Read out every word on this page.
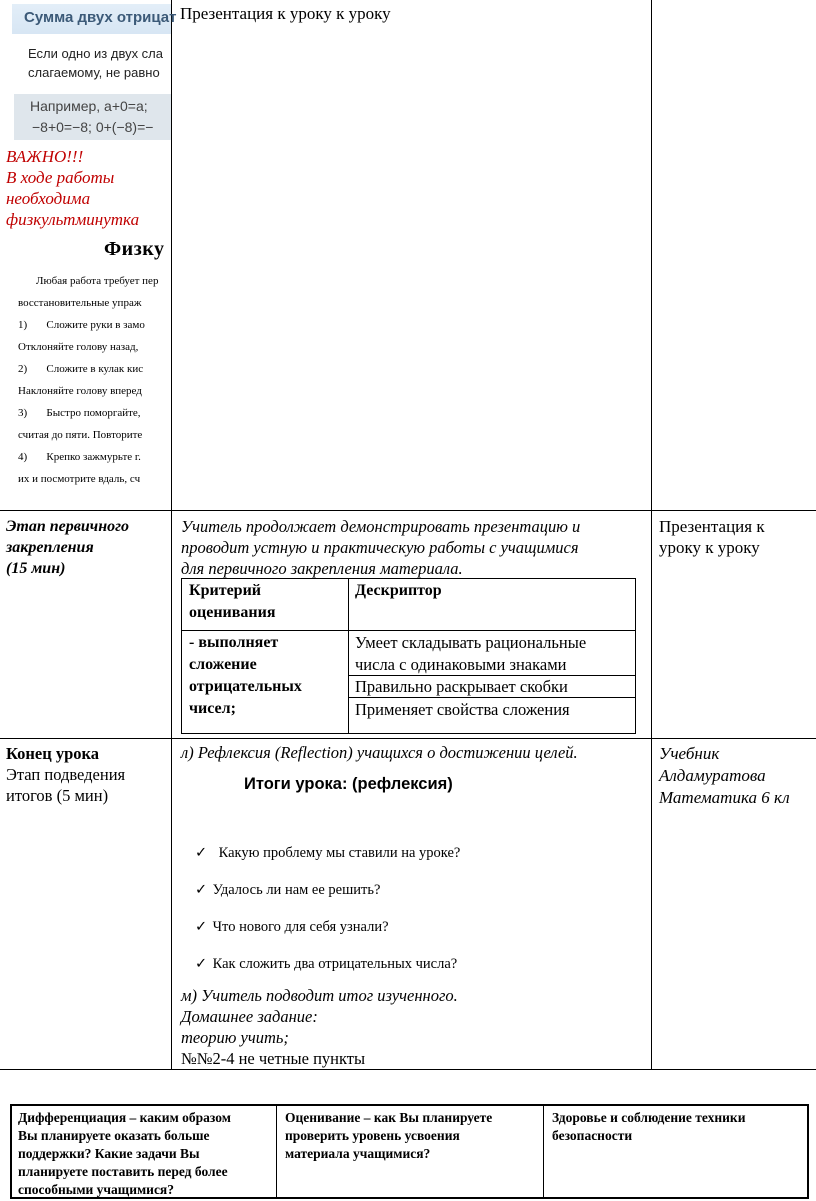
Сумма двух отрицат
Если одно из двух сла
слагаемому, не равно
Например, a+0=a;
−8+0=−8; 0+(−8)=−
ВАЖНО!!!
В ходе работы
необходима
физкультминутка
Физку
Любая работа требует пер
восстановительные упраж
1)       Сложите руки в замо
Отклоняйте голову назад,
2)       Сложите в кулак кис
Наклоняйте голову вперед
3)       Быстро поморгайте,
считая до пяти. Повторите
4)       Крепко зажмурьте г.
их и посмотрите вдаль, сч
Презентация к уроку к уроку
Этап первичного
закрепления
(15 мин)
Учитель продолжает демонстрировать презентацию и
проводит устную и практическую работы с учащимися
для первичного закрепления материала.
Презентация к
уроку к уроку
Критерий
оценивания
Дескриптор
- выполняет
сложение
отрицательных
чисел;
Умеет складывать рациональные
числа с одинаковыми знаками
Правильно раскрывает скобки
Применяет свойства сложения
Конец урока
Этап подведения
итогов (5 мин)
л) Рефлексия (Reflection) учащихся о достижении целей.
Итоги урока: (рефлексия)
✓ Какую проблему мы ставили на уроке?
✓ Удалось ли нам ее решить?
✓ Что нового для себя узнали?
✓ Как сложить два отрицательных числа?
м) Учитель подводит итог изученного.
Домашнее задание:
теорию учить;
№№2-4 не четные пункты
Учебник
Алдамуратова
Математика 6 кл
Дифференциация – каким образом
Вы планируете оказать больше
поддержки? Какие задачи Вы
планируете поставить перед более
способными учащимися?
Оценивание – как Вы планируете
проверить уровень усвоения
материала учащимися?
Здоровье и соблюдение техники
безопасности
